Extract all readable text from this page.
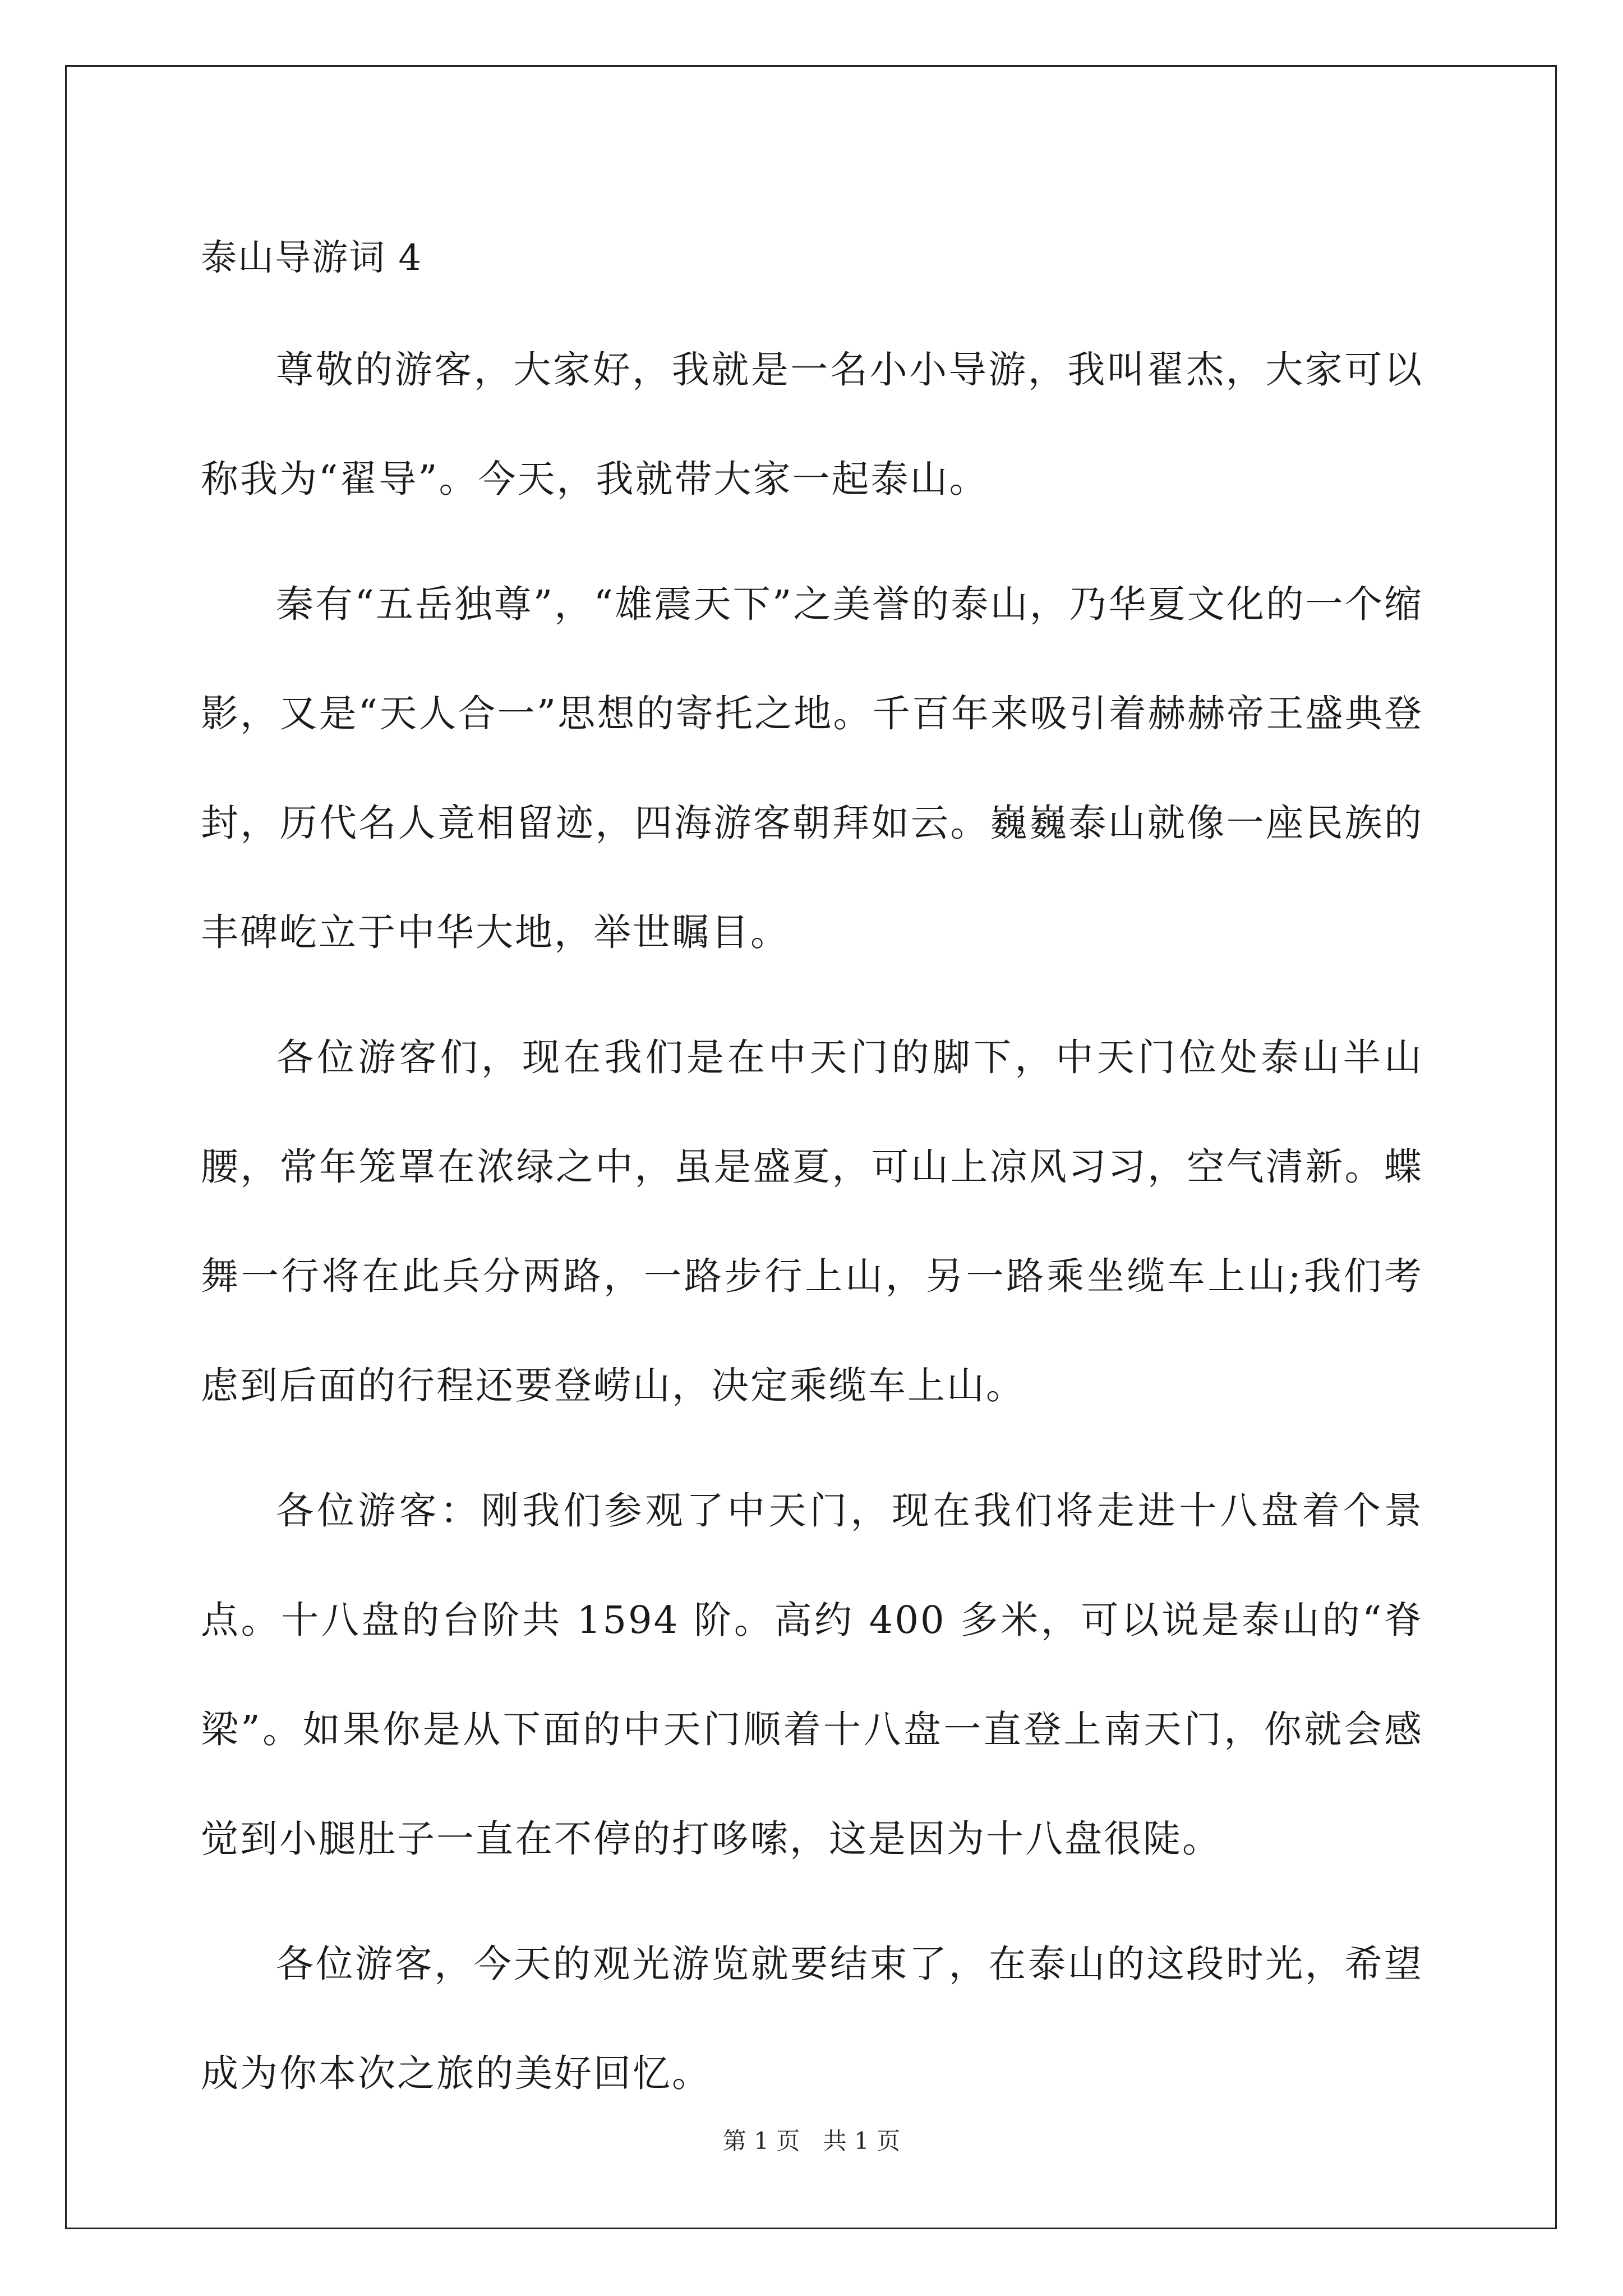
泰山导游词 4

尊敬的游客，大家好，我就是一名小小导游，我叫翟杰，大家可以称我为“翟导”。今天，我就带大家一起泰山。

秦有“五岳独尊”，“雄震天下”之美誉的泰山，乃华夏文化的一个缩影，又是“天人合一”思想的寄托之地。千百年来吸引着赫赫帝王盛典登封，历代名人竟相留迹，四海游客朝拜如云。巍巍泰山就像一座民族的丰碑屹立于中华大地，举世瞩目。

各位游客们，现在我们是在中天门的脚下，中天门位处泰山半山腰，常年笼罩在浓绿之中，虽是盛夏，可山上凉风习习，空气清新。蝶舞一行将在此兵分两路，一路步行上山，另一路乘坐缆车上山;我们考虑到后面的行程还要登崂山，决定乘缆车上山。

各位游客：刚我们参观了中天门，现在我们将走进十八盘着个景点。十八盘的台阶共 1594 阶。高约 400 多米，可以说是泰山的“脊梁”。如果你是从下面的中天门顺着十八盘一直登上南天门，你就会感觉到小腿肚子一直在不停的打哆嗦，这是因为十八盘很陡。

各位游客，今天的观光游览就要结束了，在泰山的这段时光，希望成为你本次之旅的美好回忆。

第 1 页 共 1 页
